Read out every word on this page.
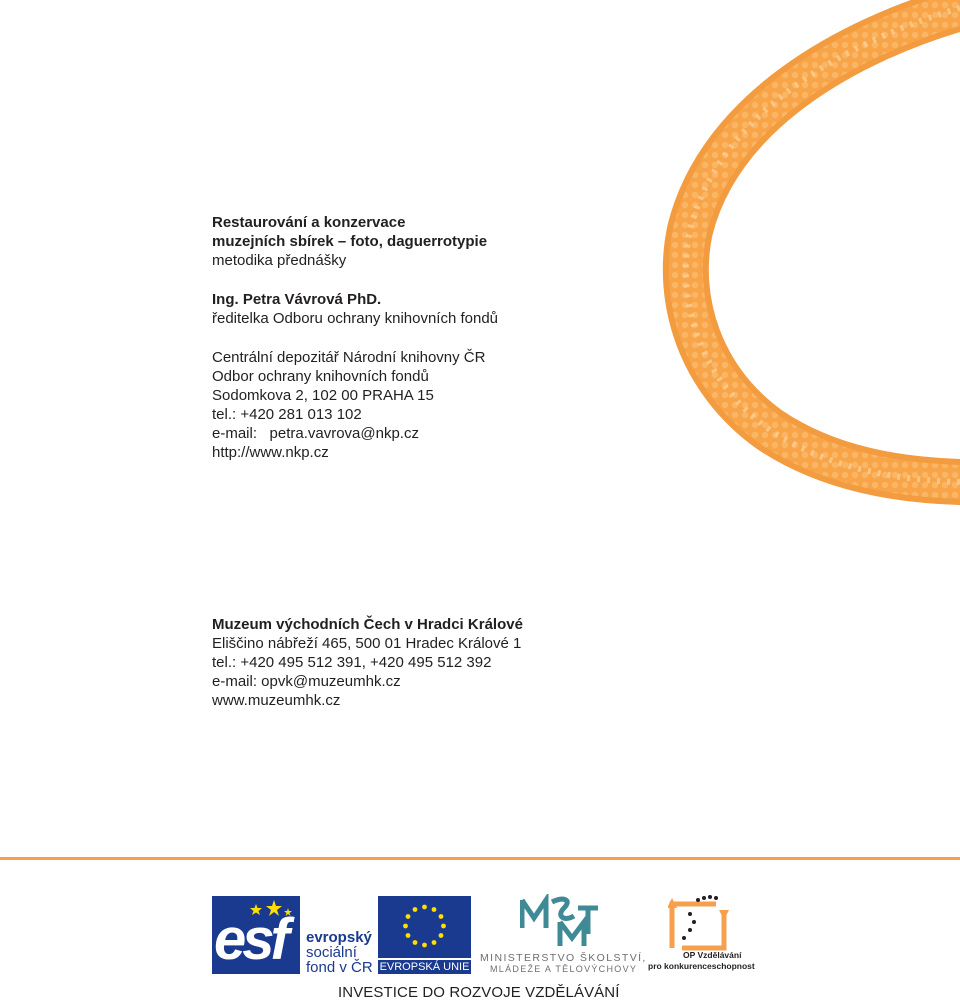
Restaurování a konzervace
muzejních sbírek – foto, daguerrotypie
metodika přednášky
Ing. Petra Vávrová PhD.
ředitelka Odboru ochrany knihovních fondů
Centrální depozitář Národní knihovny ČR
Odbor ochrany knihovních fondů
Sodomkova 2, 102 00 PRAHA 15
tel.: +420 281 013 102
e-mail:   petra.vavrova@nkp.cz
http://www.nkp.cz
Muzeum východních Čech v Hradci Králové
Eliščino nábřeží 465, 500 01 Hradec Králové 1
tel.: +420 495 512 391, +420 495 512 392
e-mail: opvk@muzeumhk.cz
www.muzeumhk.cz
esf evropský
sociální
fond v ČR EVROPSKÁ UNIE
MINISTERSTVO ŠKOLSTVÍ,
MLÁDEŽE A TĚLOVÝCHOVY
OP Vzdělávání
pro konkurenceschopnost
INVESTICE DO ROZVOJE VZDĚLÁVÁNÍ
